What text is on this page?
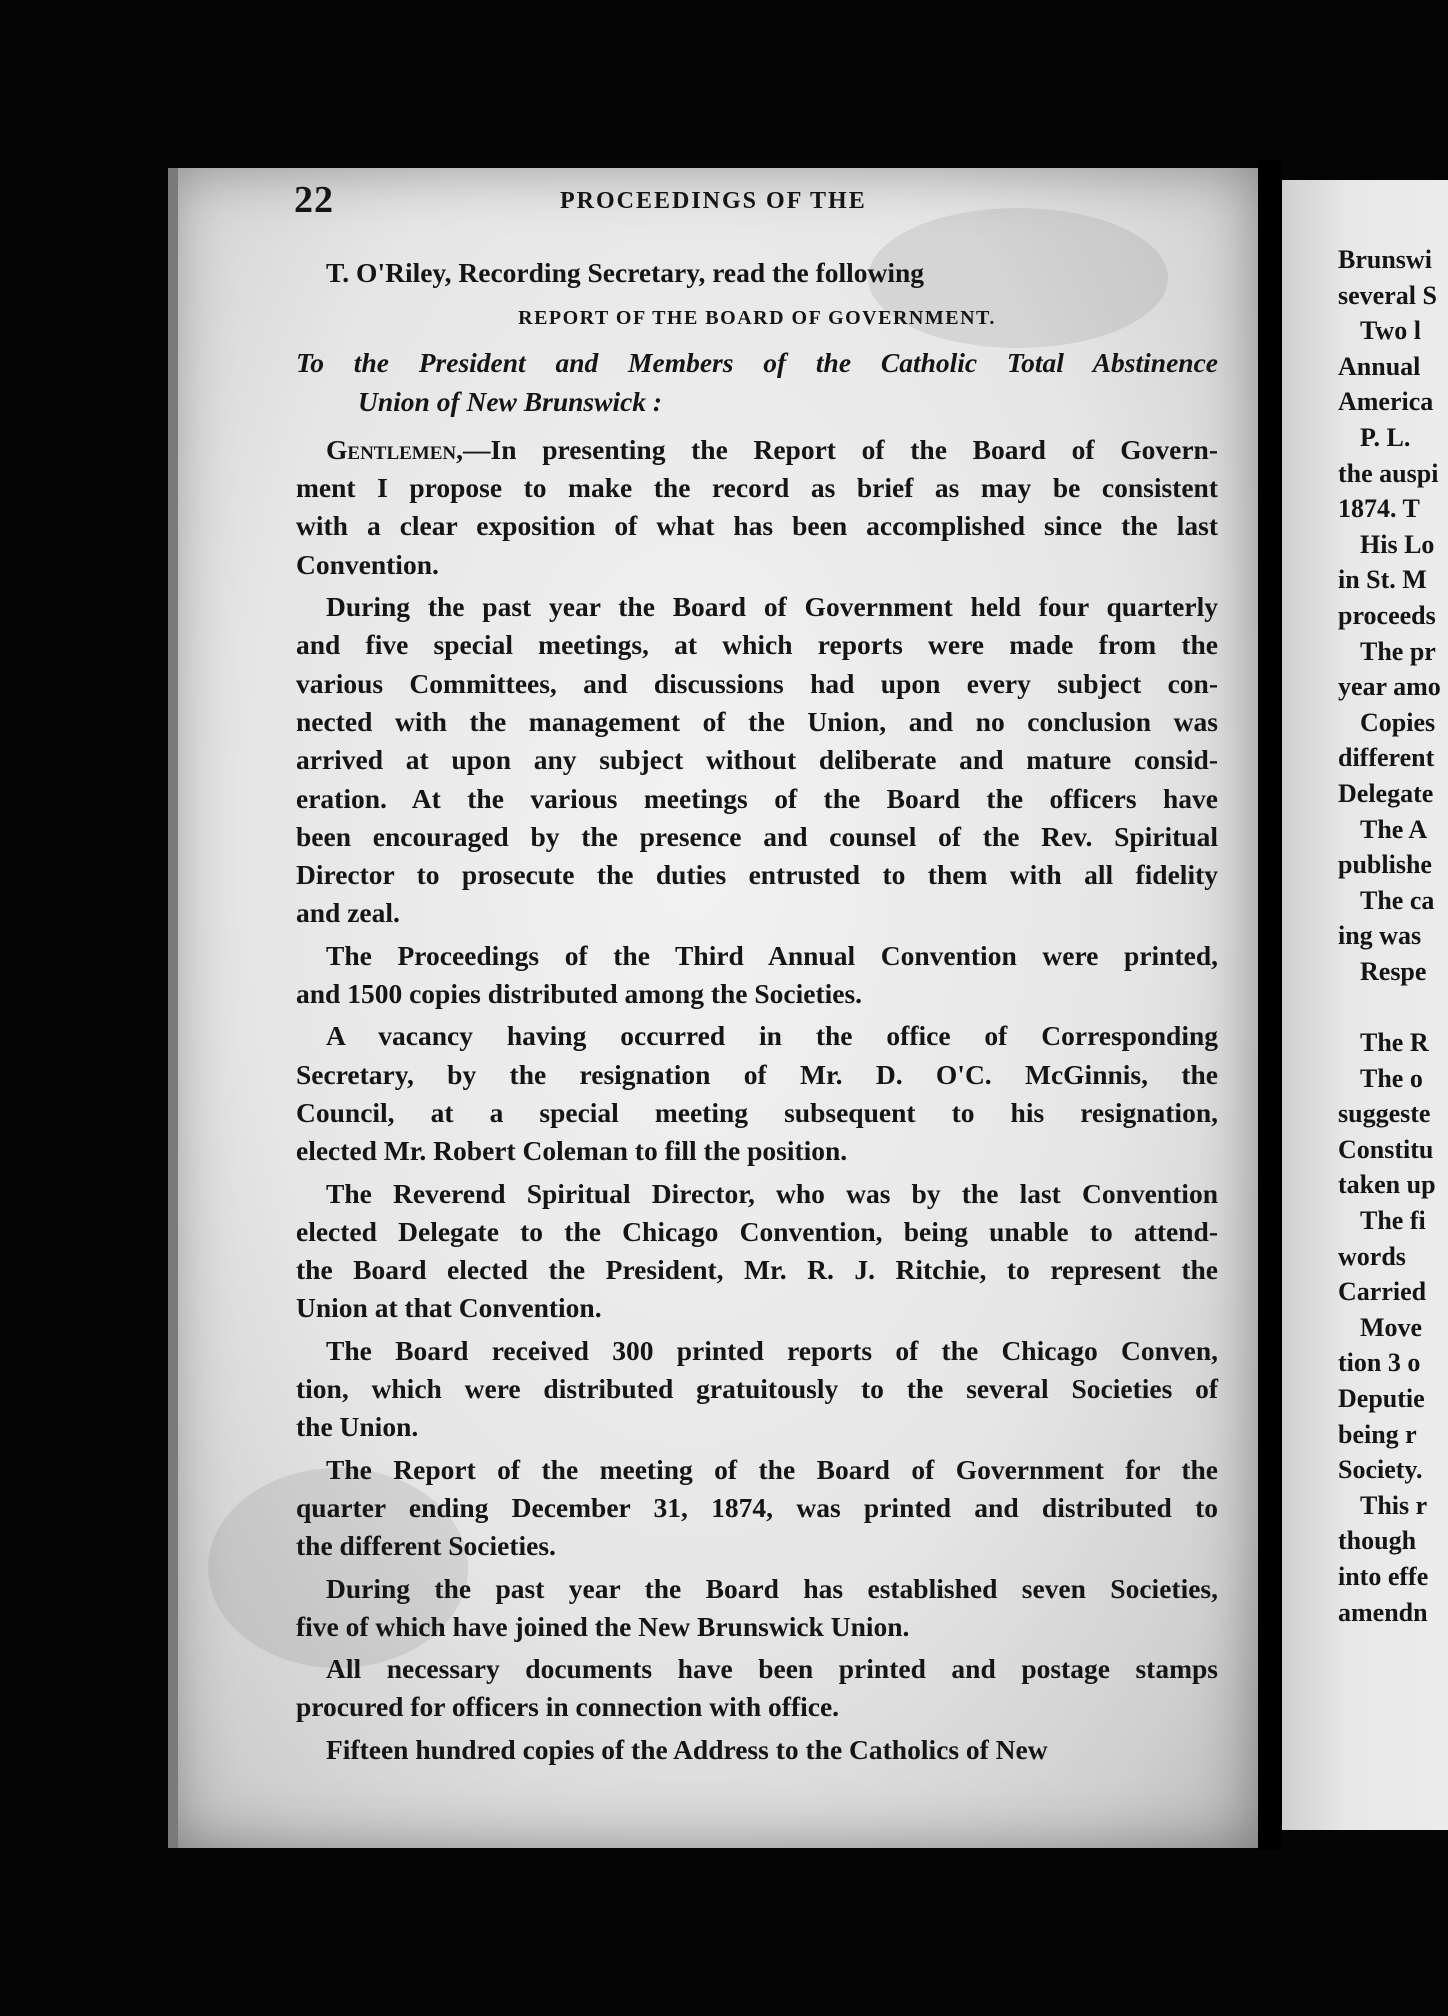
22	PROCEEDINGS OF THE
T. O'Riley, Recording Secretary, read the following
REPORT OF THE BOARD OF GOVERNMENT.
To the President and Members of the Catholic Total Abstinence
Union of New Brunswick :
Gentlemen,—In presenting the Report of the Board of Govern-
ment I propose to make the record as brief as may be consistent
with a clear exposition of what has been accomplished since the last
Convention.
During the past year the Board of Government held four quarterly
and five special meetings, at which reports were made from the
various Committees, and discussions had upon every subject con-
nected with the management of the Union, and no conclusion was
arrived at upon any subject without deliberate and mature consid-
eration. At the various meetings of the Board the officers have
been encouraged by the presence and counsel of the Rev. Spiritual
Director to prosecute the duties entrusted to them with all fidelity
and zeal.
The Proceedings of the Third Annual Convention were printed,
and 1500 copies distributed among the Societies.
A vacancy having occurred in the office of Corresponding
Secretary, by the resignation of Mr. D. O'C. McGinnis, the
Council, at a special meeting subsequent to his resignation,
elected Mr. Robert Coleman to fill the position.
The Reverend Spiritual Director, who was by the last Convention
elected Delegate to the Chicago Convention, being unable to attend-
the Board elected the President, Mr. R. J. Ritchie, to represent the
Union at that Convention.
The Board received 300 printed reports of the Chicago Conven,
tion, which were distributed gratuitously to the several Societies of
the Union.
The Report of the meeting of the Board of Government for the
quarter ending December 31, 1874, was printed and distributed to
the different Societies.
During the past year the Board has established seven Societies,
five of which have joined the New Brunswick Union.
All necessary documents have been printed and postage stamps
procured for officers in connection with office.
Fifteen hundred copies of the Address to the Catholics of New
Brunswi
several S
Two l
Annual
America
P. L.
the auspi
1874. T
His Lo
in St. M
proceeds
The pr
year amo
Copies
different
Delegate
The A
publishe
The ca
ing was
Respe
The R
The o
suggeste
Constitu
taken up
The fi
words
Carried
Move
tion 3 o
Deputie
being r
Society.
This r
though
into effe
amendn
